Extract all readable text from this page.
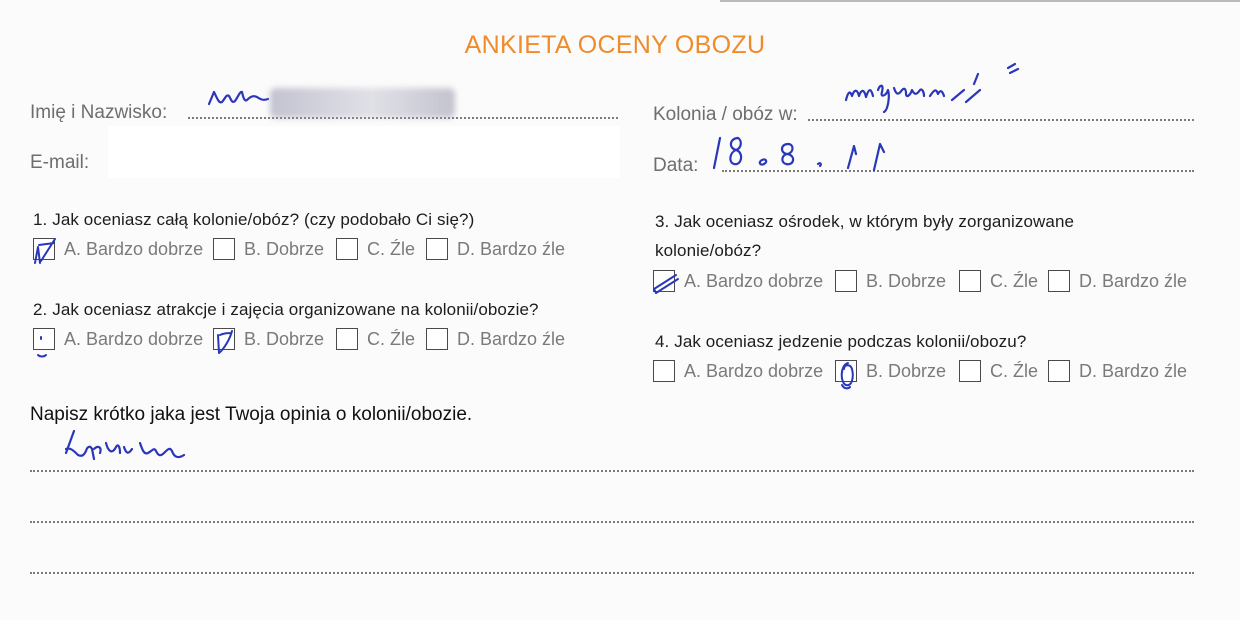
ANKIETA OCENY OBOZU
Imię i Nazwisko:
E-mail:
Kolonia / obóz w:
Data:
1. Jak oceniasz całą kolonie/obóz? (czy podobało Ci się?)
A. Bardzo dobrze B. Dobrze C. Źle D. Bardzo źle
2. Jak oceniasz atrakcje i zajęcia organizowane na kolonii/obozie?
A. Bardzo dobrze B. Dobrze C. Źle D. Bardzo źle
3. Jak oceniasz ośrodek, w którym były zorganizowane
kolonie/obóz?
A. Bardzo dobrze B. Dobrze C. Źle D. Bardzo źle
4. Jak oceniasz jedzenie podczas kolonii/obozu?
A. Bardzo dobrze B. Dobrze C. Źle D. Bardzo źle
Napisz krótko jaka jest Twoja opinia o kolonii/obozie.
